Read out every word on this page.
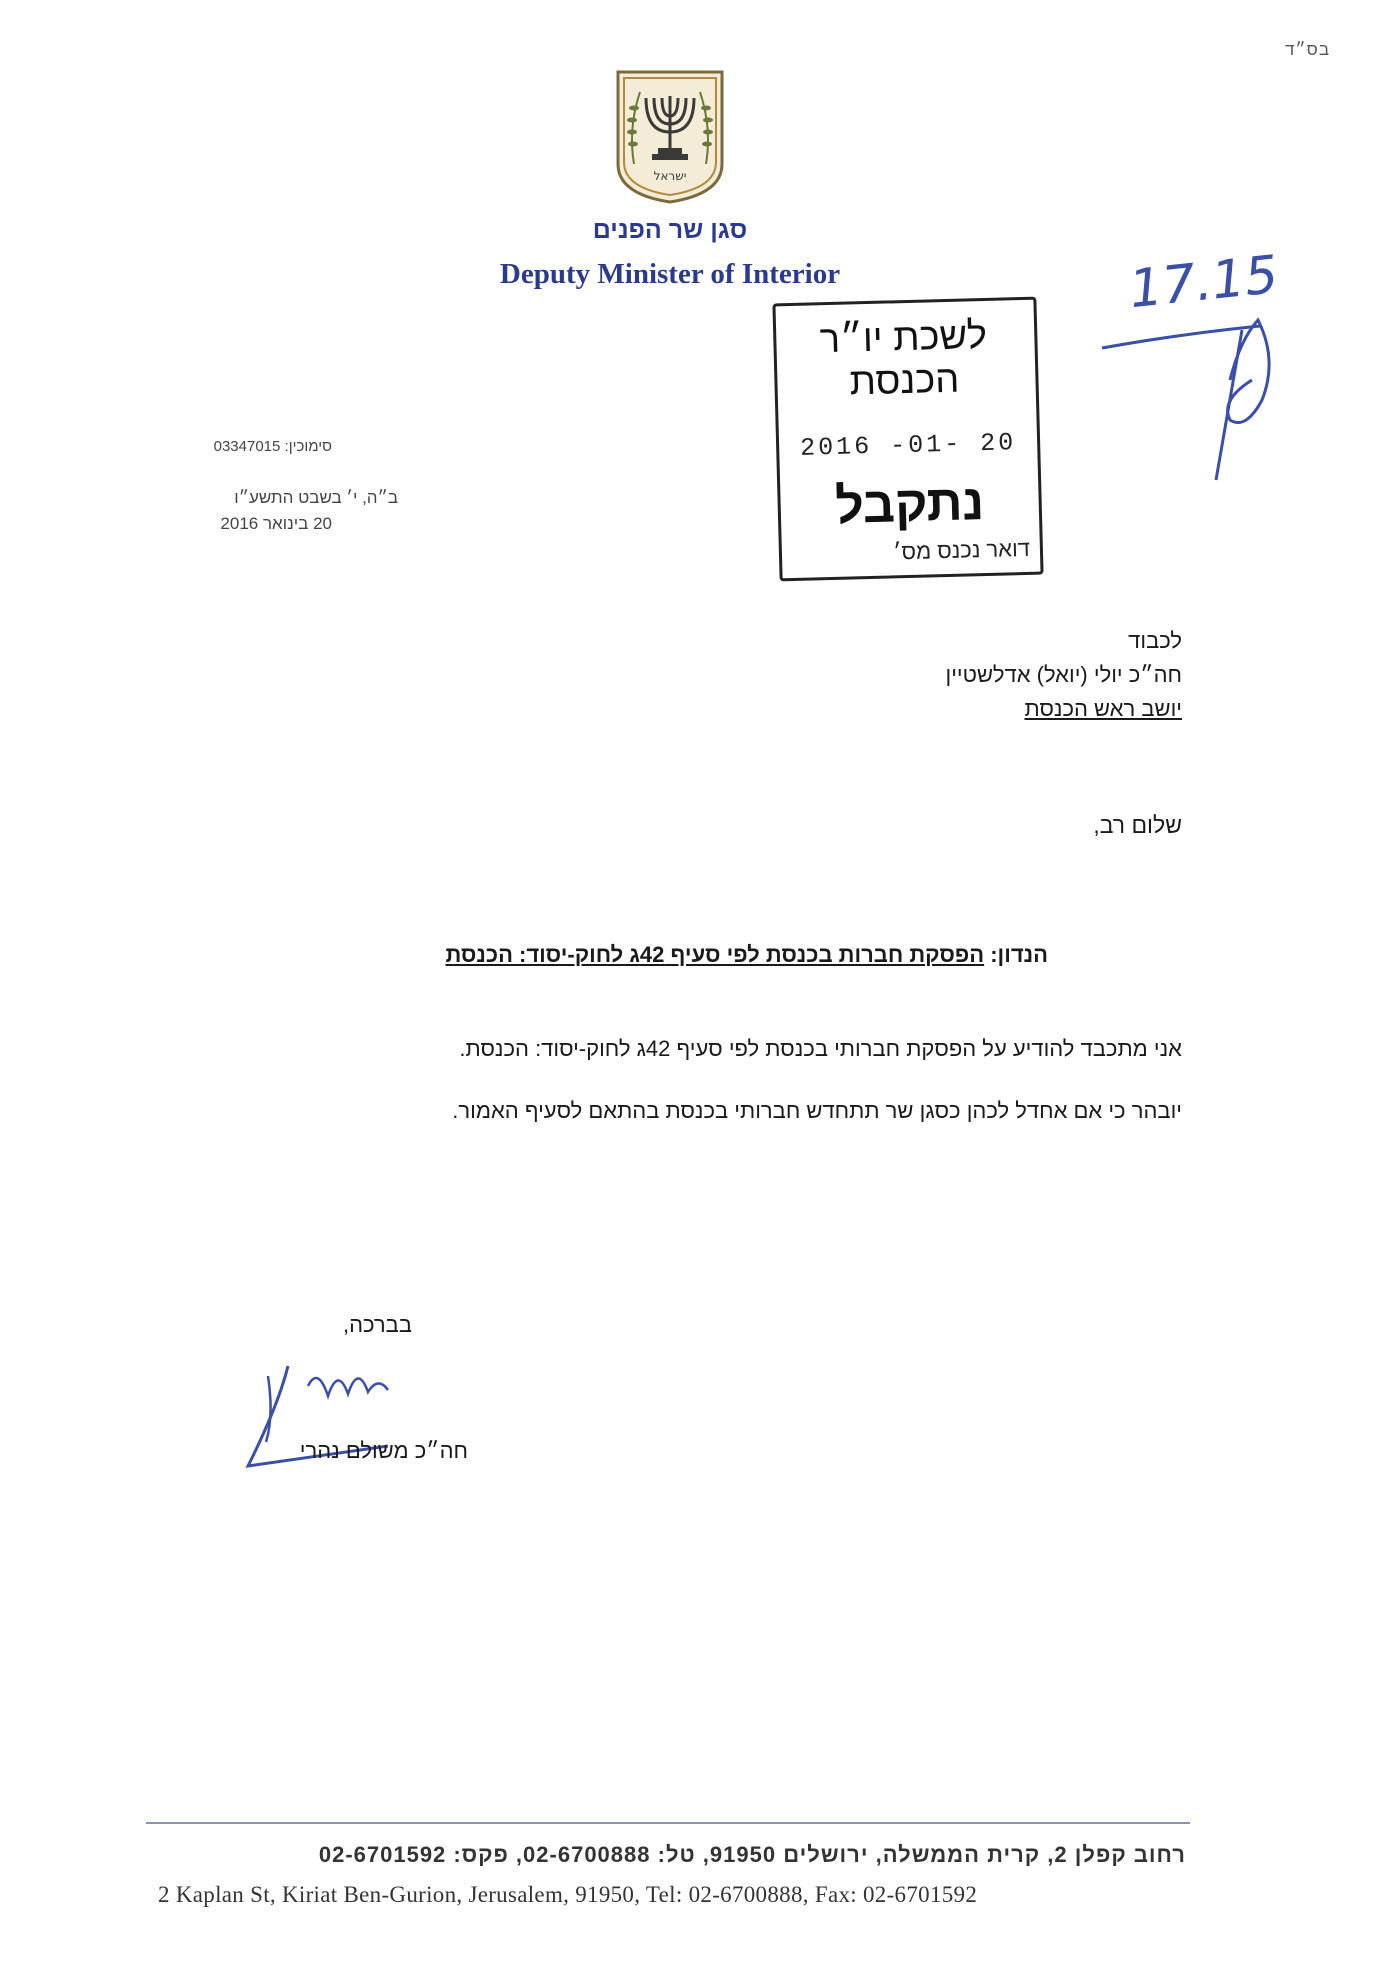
בס״ד
ישראל
סגן שר הפנים
Deputy Minister of Interior
לשכת יו״ר הכנסת
20 -01- 2016
נתקבל
דואר נכנס מס׳
17.15
סימוכין: 03347015
ב״ה, י׳ בשבט התשע״ו
20 בינואר 2016
לכבוד
חה״כ יולי (יואל) אדלשטיין
יושב ראש הכנסת
שלום רב,
הנדון: הפסקת חברות בכנסת לפי סעיף 42ג לחוק-יסוד: הכנסת
אני מתכבד להודיע על הפסקת חברותי בכנסת לפי סעיף 42ג לחוק-יסוד: הכנסת.
יובהר כי אם אחדל לכהן כסגן שר תתחדש חברותי בכנסת בהתאם לסעיף האמור.
בברכה,
חה״כ משולם נהרי
רחוב קפלן 2, קרית הממשלה, ירושלים 91950, טל: 02-6700888, פקס: 02-6701592
2 Kaplan St, Kiriat Ben-Gurion, Jerusalem, 91950, Tel: 02-6700888, Fax: 02-6701592
